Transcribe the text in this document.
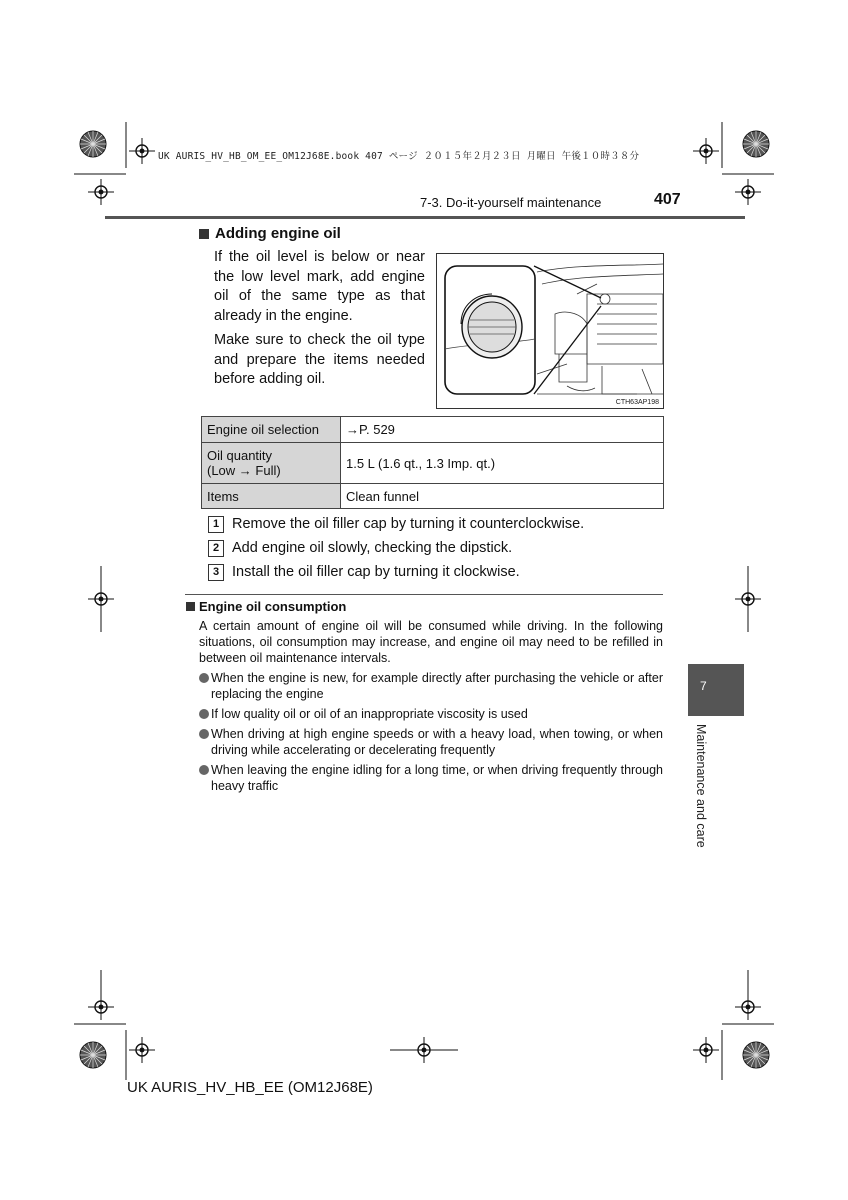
UK AURIS_HV_HB_OM_EE_OM12J68E.book 407 ページ ２０１５年２月２３日 月曜日 午後１０時３８分
7-3. Do-it-yourself maintenance	407
Adding engine oil

If the oil level is below or near the low level mark, add engine oil of the same type as that already in the engine.

Make sure to check the oil type and prepare the items needed before adding oil.

CTH63AP198
Engine oil selection	→P. 529
Oil quantity
(Low → Full)	1.5 L (1.6 qt., 1.3 Imp. qt.)
Items	Clean funnel
1 Remove the oil filler cap by turning it counterclockwise.
2 Add engine oil slowly, checking the dipstick.
3 Install the oil filler cap by turning it clockwise.
Engine oil consumption

A certain amount of engine oil will be consumed while driving. In the following situations, oil consumption may increase, and engine oil may need to be refilled in between oil maintenance intervals.

When the engine is new, for example directly after purchasing the vehicle or after replacing the engine
If low quality oil or oil of an inappropriate viscosity is used
When driving at high engine speeds or with a heavy load, when towing, or when driving while accelerating or decelerating frequently
When leaving the engine idling for a long time, or when driving frequently through heavy traffic
7
Maintenance and care
UK AURIS_HV_HB_EE (OM12J68E)
